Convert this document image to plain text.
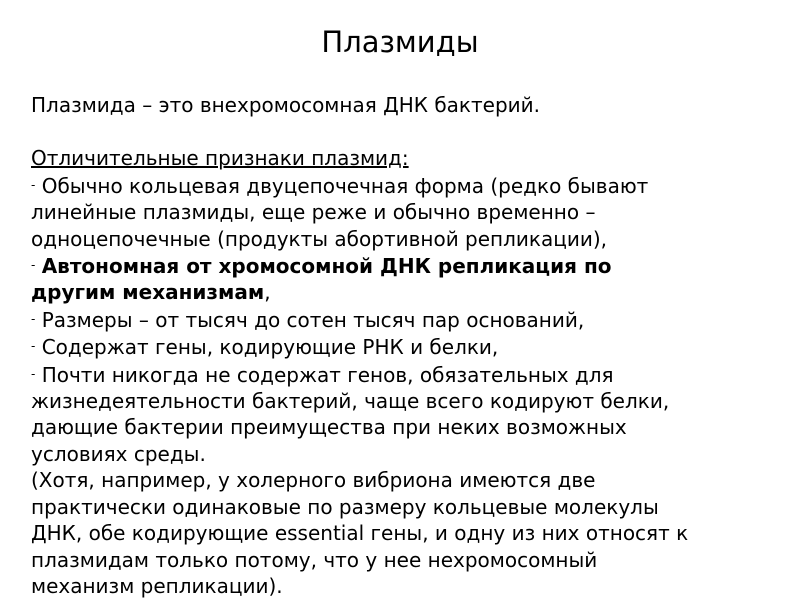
Плазмиды

Плазмида – это внехромосомная ДНК бактерий.

Отличительные признаки плазмид:

- Обычно кольцевая двуцепочечная форма (редко бывают

линейные плазмиды, еще реже и обычно временно –

одноцепочечные (продукты абортивной репликации),

- Автономная от хромосомной ДНК репликация по

другим механизмам,

- Размеры – от тысяч до сотен тысяч пар оснований,

- Содержат гены, кодирующие РНК и белки,

- Почти никогда не содержат генов, обязательных для

жизнедеятельности бактерий, чаще всего кодируют белки,

дающие бактерии преимущества при неких возможных

условиях среды.

(Хотя, например, у холерного вибриона имеются две

практически одинаковые по размеру кольцевые молекулы

ДНК, обе кодирующие essential гены, и одну из них относят к

плазмидам только потому, что у нее нехромосомный

механизм репликации).
